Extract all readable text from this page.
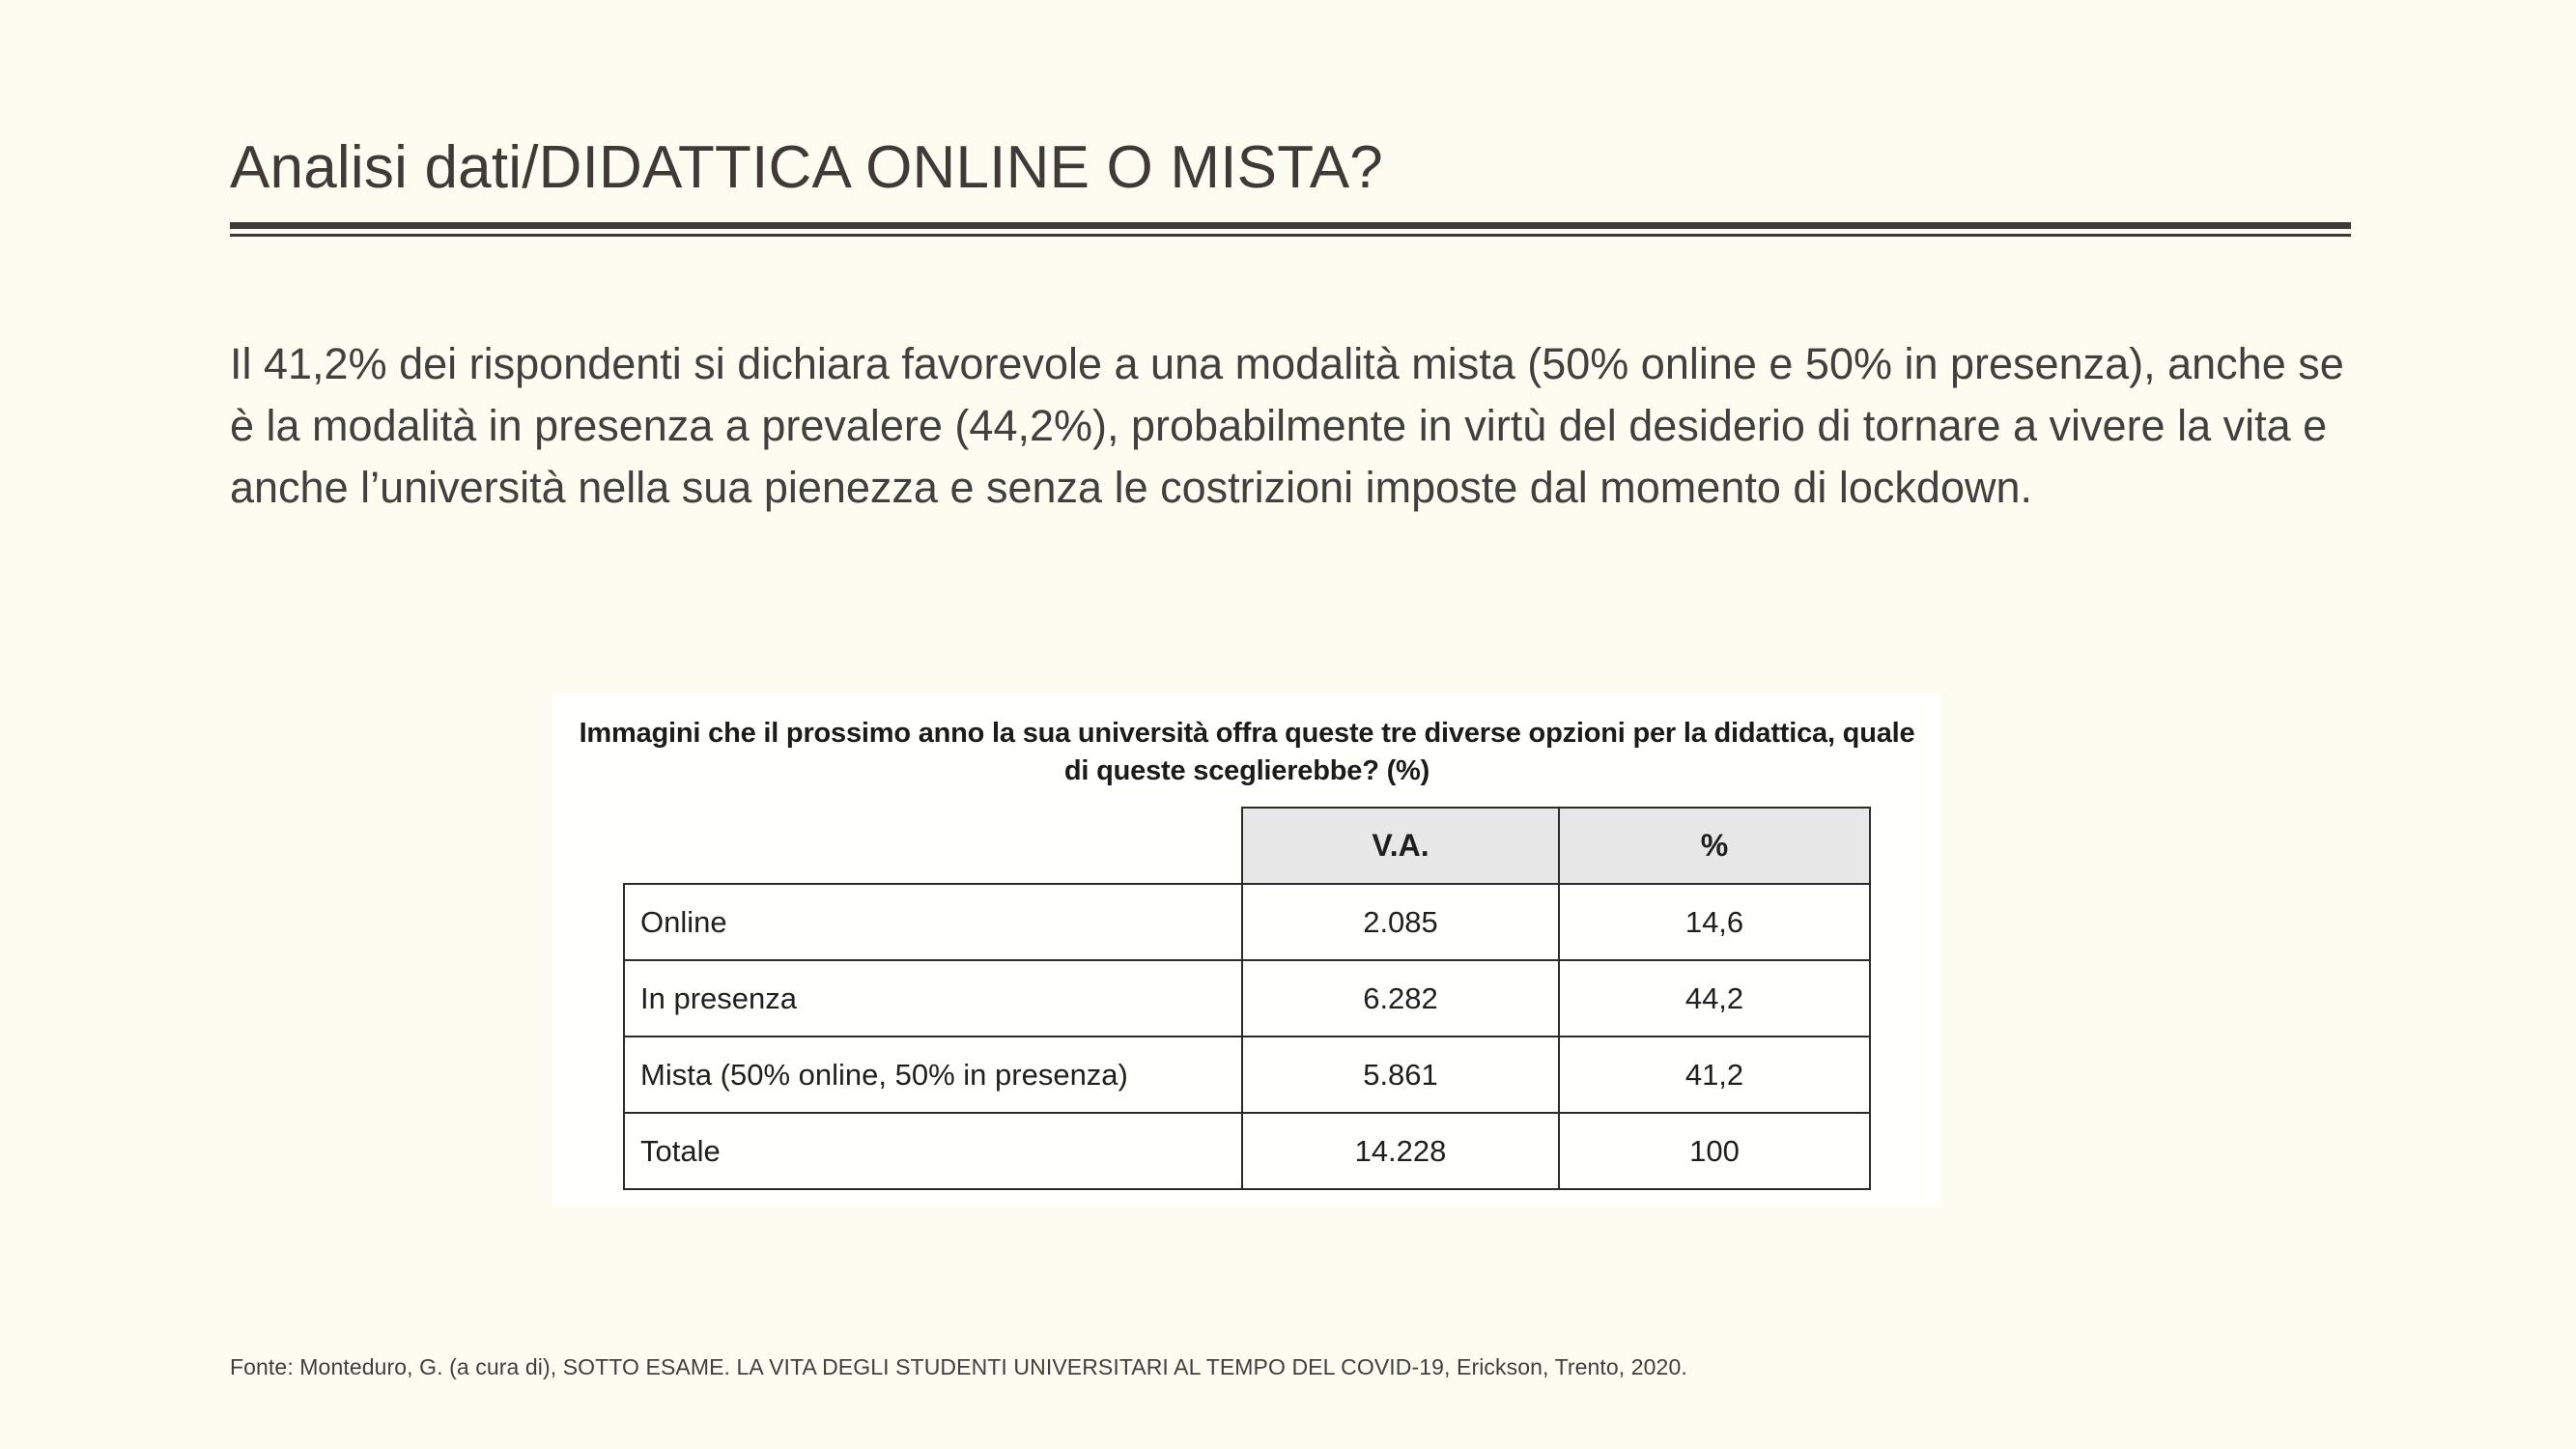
Analisi dati/DIDATTICA ONLINE O MISTA?
Il 41,2% dei rispondenti si dichiara favorevole a una modalità mista (50% online e 50% in presenza), anche se è la modalità in presenza a prevalere (44,2%), probabilmente in virtù del desiderio di tornare a vivere la vita e anche l’università nella sua pienezza e senza le costrizioni imposte dal momento di lockdown.
Immagini che il prossimo anno la sua università offra queste tre diverse opzioni per la didattica, quale di queste sceglierebbe? (%)
	V.A.	%
Online	2.085	14,6
In presenza	6.282	44,2
Mista (50% online, 50% in presenza)	5.861	41,2
Totale	14.228	100
Fonte: Monteduro, G. (a cura di), SOTTO ESAME. LA VITA DEGLI STUDENTI UNIVERSITARI AL TEMPO DEL COVID-19, Erickson, Trento, 2020.
